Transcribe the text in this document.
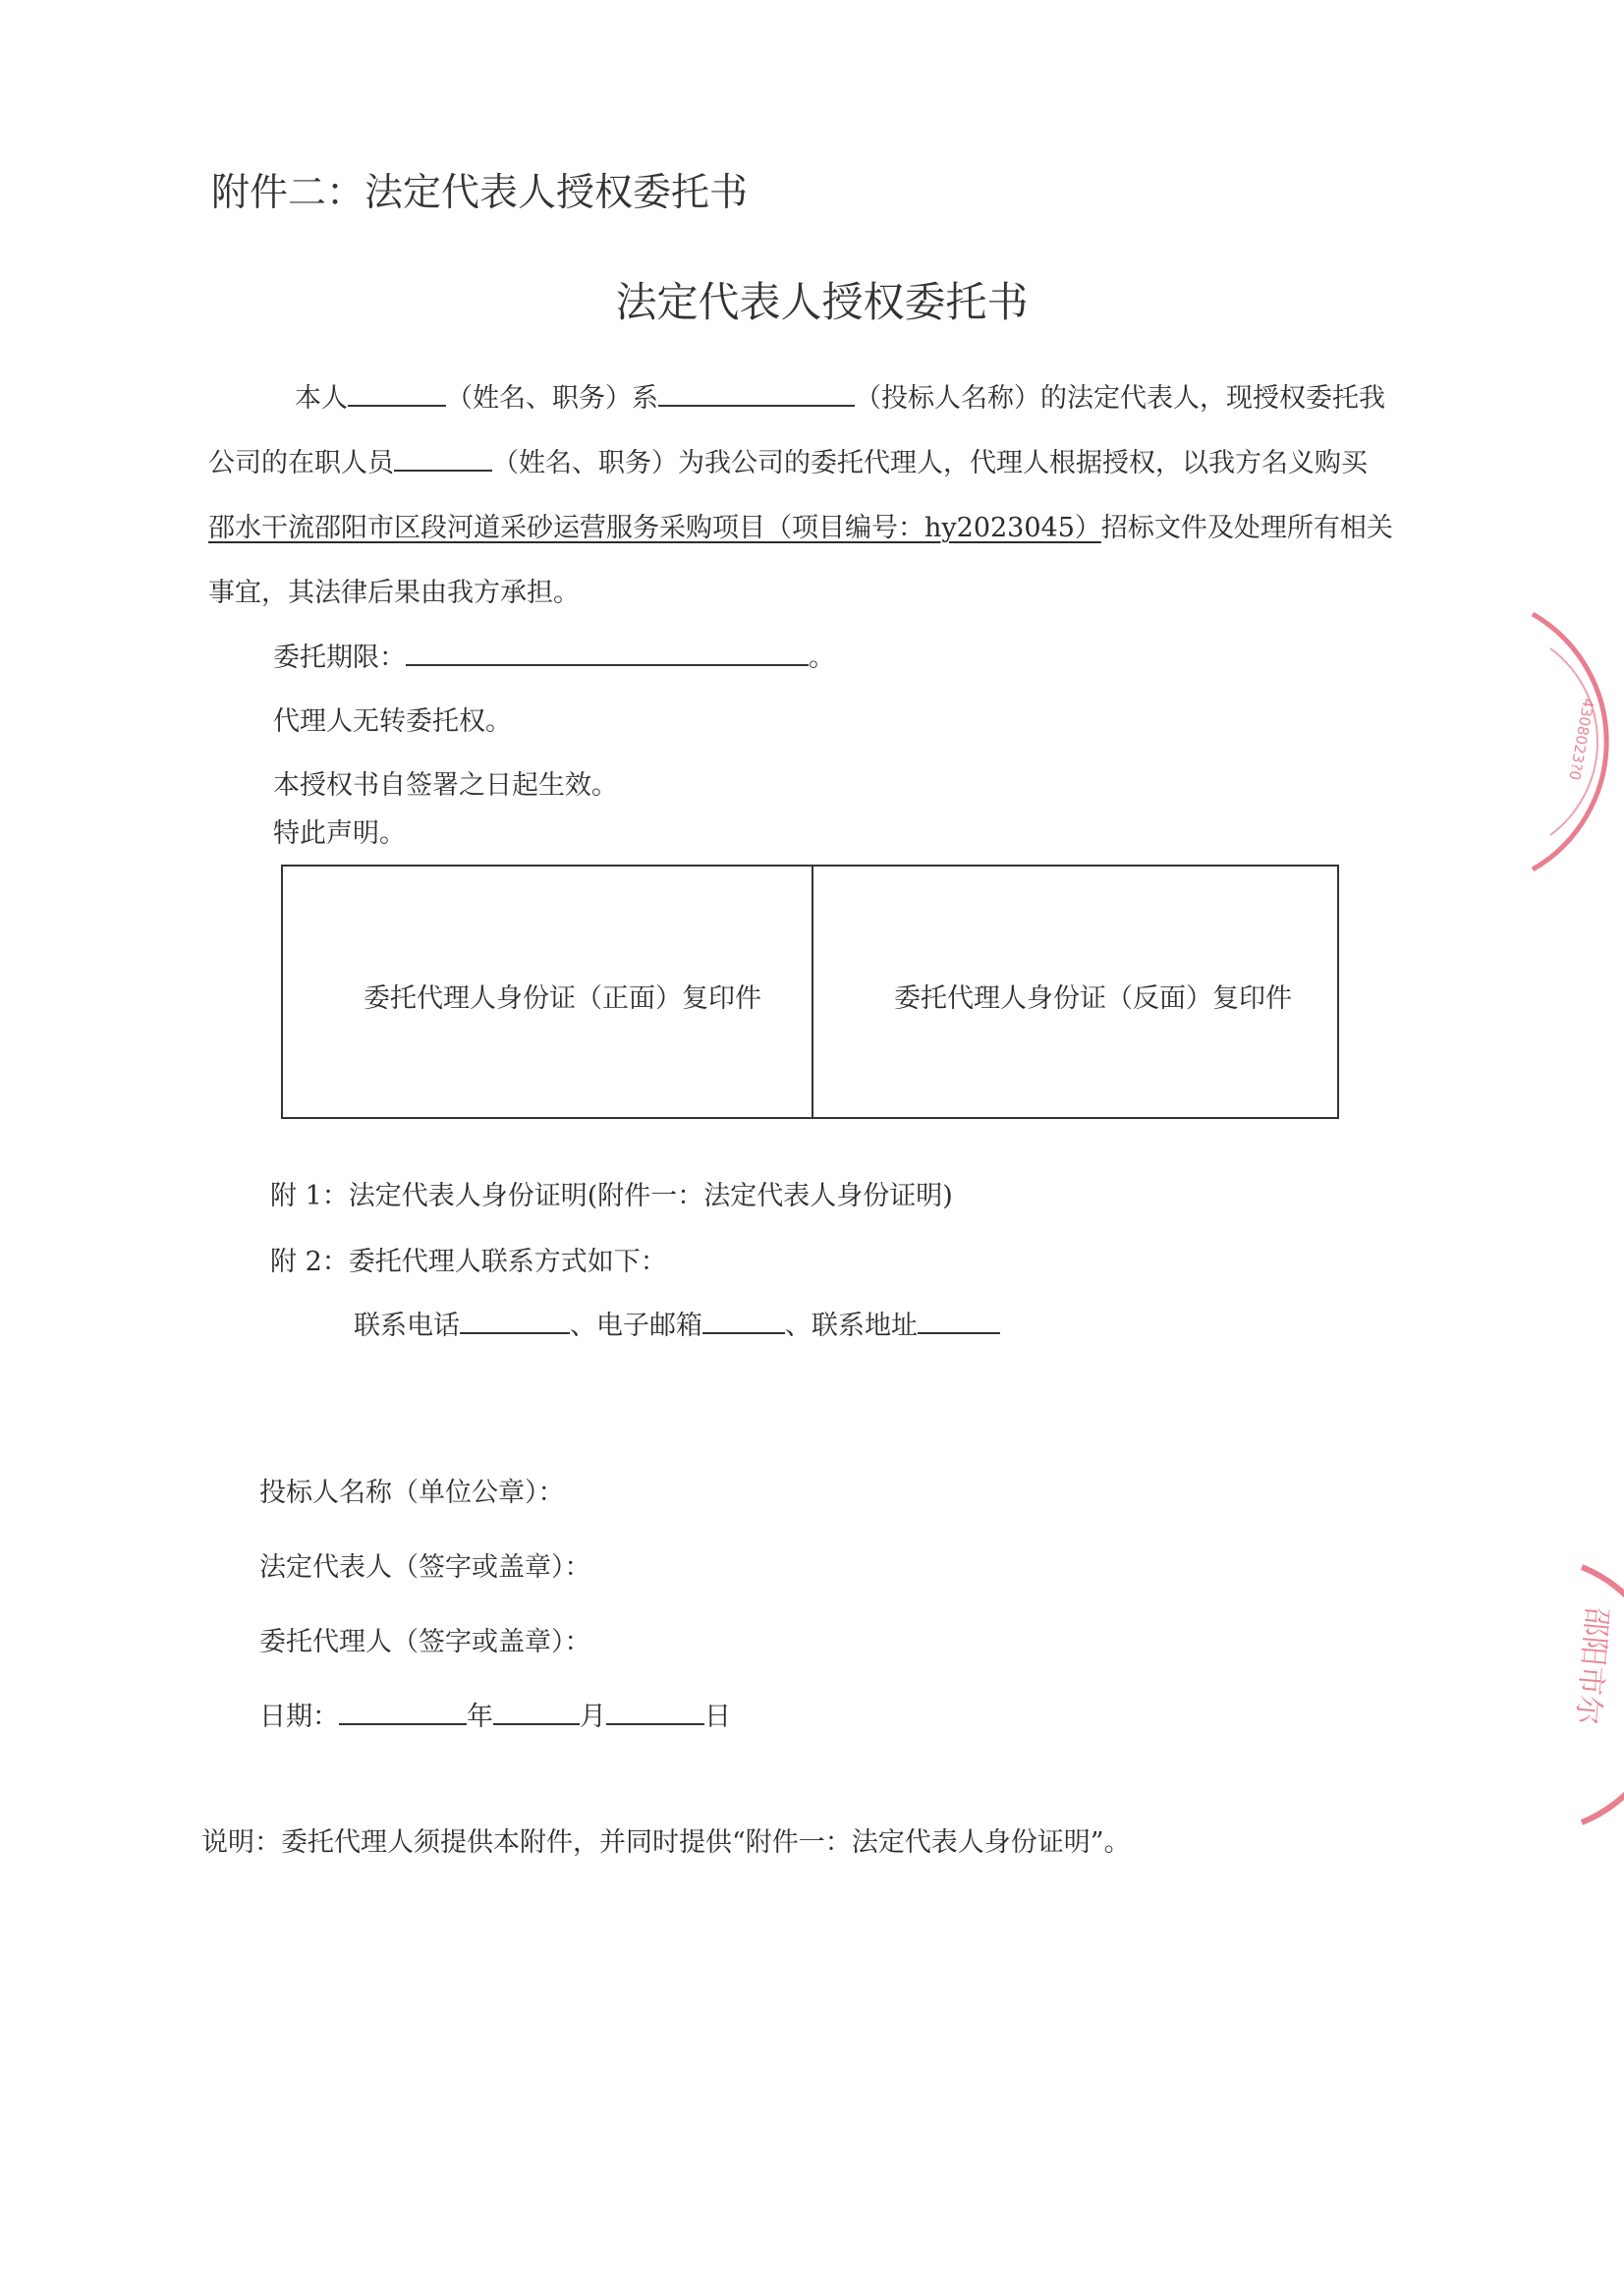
附件二：法定代表人授权委托书
法定代表人授权委托书
本人	（姓名、职务）系	（投标人名称）的法定代表人，现授权委托我
公司的在职人员	（姓名、职务）为我公司的委托代理人，代理人根据授权，以我方名义购买
邵水干流邵阳市区段河道采砂运营服务采购项目（项目编号：hy2023045）招标文件及处理所有相关
事宜，其法律后果由我方承担。
委托期限：	。
代理人无转委托权。
本授权书自签署之日起生效。
特此声明。
委托代理人身份证（正面）复印件	委托代理人身份证（反面）复印件
附 1：法定代表人身份证明(附件一：法定代表人身份证明)
附 2：委托代理人联系方式如下：
联系电话	、电子邮箱	、联系地址
投标人名称（单位公章）：
法定代表人（签字或盖章）：
委托代理人（签字或盖章）：
日期：	年	月	日
说明：委托代理人须提供本附件，并同时提供“附件一：法定代表人身份证明”。
4308023?0
邵阳市尔
